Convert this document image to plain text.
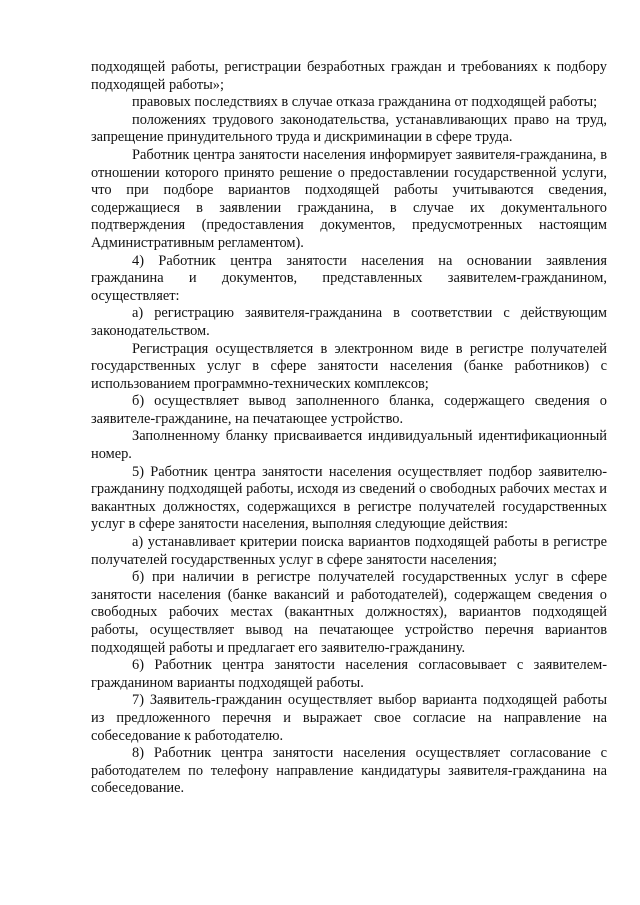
подходящей работы, регистрации безработных граждан и требованиях к подбору подходящей работы»;

правовых последствиях в случае отказа гражданина от подходящей работы;

положениях трудового законодательства, устанавливающих право на труд, запрещение принудительного труда и дискриминации в сфере труда.

Работник центра занятости населения информирует заявителя-гражданина, в отношении которого принято решение о предоставлении государственной услуги, что при подборе вариантов подходящей работы учитываются сведения, содержащиеся в заявлении гражданина, в случае их документального подтверждения (предоставления документов, предусмотренных настоящим Административным регламентом).

4) Работник центра занятости населения на основании заявления гражданина и документов, представленных заявителем-гражданином, осуществляет:

а) регистрацию заявителя-гражданина в соответствии с действующим законодательством.

Регистрация осуществляется в электронном виде в регистре получателей государственных услуг в сфере занятости населения (банке работников) с использованием программно-технических комплексов;

б) осуществляет вывод заполненного бланка, содержащего сведения о заявителе-гражданине, на печатающее устройство.

Заполненному бланку присваивается индивидуальный идентификационный номер.

5) Работник центра занятости населения осуществляет подбор заявителю-гражданину подходящей работы, исходя из сведений о свободных рабочих местах и вакантных должностях, содержащихся в регистре получателей государственных услуг в сфере занятости населения, выполняя следующие действия:

а) устанавливает критерии поиска вариантов подходящей работы в регистре получателей государственных услуг в сфере занятости населения;

б) при наличии в регистре получателей государственных услуг в сфере занятости населения (банке вакансий и работодателей), содержащем сведения о свободных рабочих местах (вакантных должностях), вариантов подходящей работы, осуществляет вывод на печатающее устройство перечня вариантов подходящей работы и предлагает его заявителю-гражданину.

6) Работник центра занятости населения согласовывает с заявителем-гражданином варианты подходящей работы.

7) Заявитель-гражданин осуществляет выбор варианта подходящей работы из предложенного перечня и выражает свое согласие на направление на собеседование к работодателю.

8) Работник центра занятости населения осуществляет согласование с работодателем по телефону направление кандидатуры заявителя-гражданина на собеседование.
